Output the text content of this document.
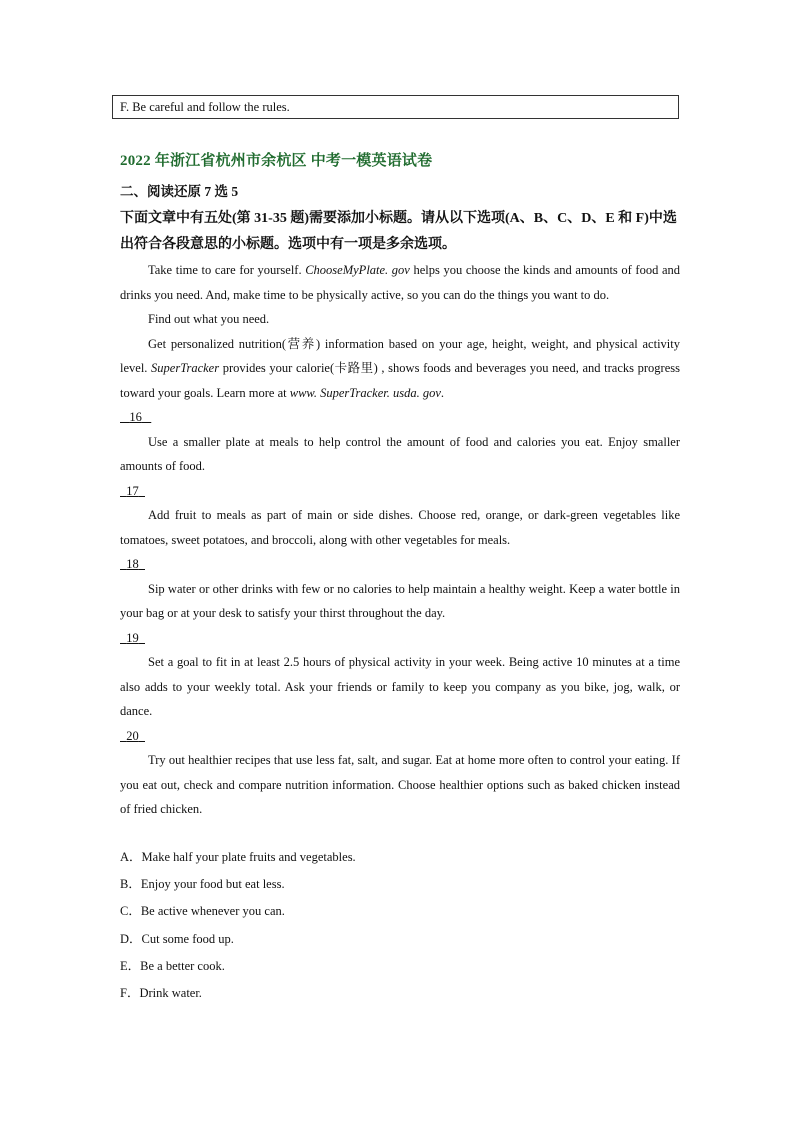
F. Be careful and follow the rules.
2022 年浙江省杭州市余杭区 中考一模英语试卷
二、阅读还原 7 选 5
下面文章中有五处(第 31-35 题)需要添加小标题。请从以下选项(A、B、C、D、E 和 F)中选出符合各段意思的小标题。选项中有一项是多余选项。

Take time to care for yourself. ChooseMyPlate. gov helps you choose the kinds and amounts of food and drinks you need. And, make time to be physically active, so you can do the things you want to do.

Find out what you need.

Get personalized nutrition(营养) information based on your age, height, weight, and physical activity level. SuperTracker provides your calorie(卡路里) , shows foods and beverages you need, and tracks progress toward your goals. Learn more at www. SuperTracker. usda. gov.

16

Use a smaller plate at meals to help control the amount of food and calories you eat. Enjoy smaller amounts of food.

17

Add fruit to meals as part of main or side dishes. Choose red, orange, or dark-green vegetables like tomatoes, sweet potatoes, and broccoli, along with other vegetables for meals.

18

Sip water or other drinks with few or no calories to help maintain a healthy weight. Keep a water bottle in your bag or at your desk to satisfy your thirst throughout the day.

19

Set a goal to fit in at least 2.5 hours of physical activity in your week. Being active 10 minutes at a time also adds to your weekly total. Ask your friends or family to keep you company as you bike, jog, walk, or dance.

20

Try out healthier recipes that use less fat, salt, and sugar. Eat at home more often to control your eating. If you eat out, check and compare nutrition information. Choose healthier options such as baked chicken instead of fried chicken.

A．Make half your plate fruits and vegetables.

B．Enjoy your food but eat less.

C．Be active whenever you can.

D．Cut some food up.

E．Be a better cook.

F．Drink water.
